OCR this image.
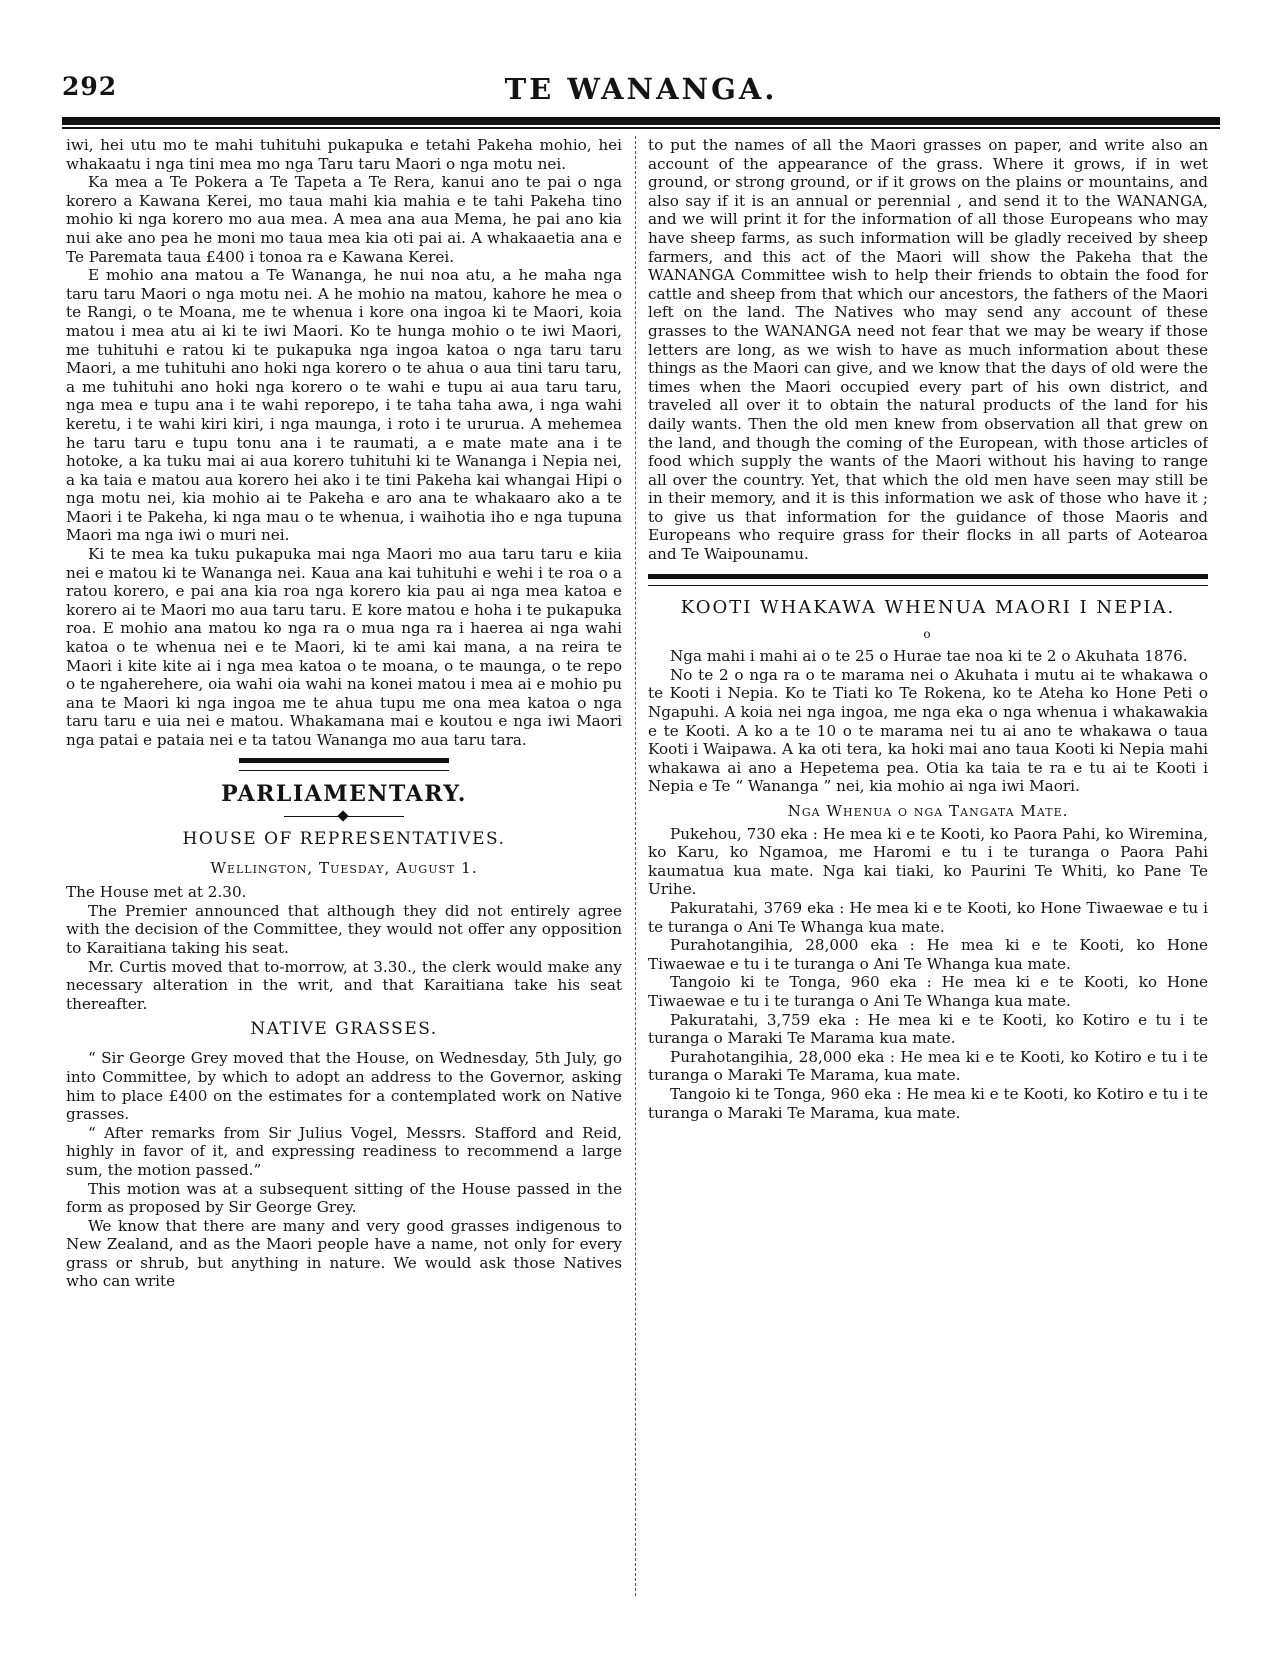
292	TE WANANGA.

iwi, hei utu mo te mahi tuhituhi pukapuka e tetahi Pakeha mohio, hei whakaatu i nga tini mea mo nga Taru taru Maori o nga motu nei.

Ka mea a Te Pokera a Te Tapeta a Te Rera, kanui ano te pai o nga korero a Kawana Kerei, mo taua mahi kia mahia e te tahi Pakeha tino mohio ki nga korero mo aua mea. A mea ana aua Mema, he pai ano kia nui ake ano pea he moni mo taua mea kia oti pai ai. A whakaaetia ana e Te Paremata taua £400 i tonoa ra e Kawana Kerei.

E mohio ana matou a Te Wananga, he nui noa atu, a he maha nga taru taru Maori o nga motu nei. A he mohio na matou, kahore he mea o te Rangi, o te Moana, me te whenua i kore ona ingoa ki te Maori, koia matou i mea atu ai ki te iwi Maori. Ko te hunga mohio o te iwi Maori, me tuhituhi e ratou ki te pukapuka nga ingoa katoa o nga taru taru Maori, a me tuhituhi ano hoki nga korero o te ahua o aua tini taru taru, a me tuhituhi ano hoki nga korero o te wahi e tupu ai aua taru taru, nga mea e tupu ana i te wahi reporepo, i te taha taha awa, i nga wahi keretu, i te wahi kiri kiri, i nga maunga, i roto i te ururua. A mehemea he taru taru e tupu tonu ana i te raumati, a e mate mate ana i te hotoke, a ka tuku mai ai aua korero tuhituhi ki te Wananga i Nepia nei, a ka taia e matou aua korero hei ako i te tini Pakeha kai whangai Hipi o nga motu nei, kia mohio ai te Pakeha e aro ana te whakaaro ako a te Maori i te Pakeha, ki nga mau o te whenua, i waihotia iho e nga tupuna Maori ma nga iwi o muri nei.

Ki te mea ka tuku pukapuka mai nga Maori mo aua taru taru e kiia nei e matou ki te Wananga nei. Kaua ana kai tuhituhi e wehi i te roa o a ratou korero, e pai ana kia roa nga korero kia pau ai nga mea katoa e korero ai te Maori mo aua taru taru. E kore matou e hoha i te pukapuka roa. E mohio ana matou ko nga ra o mua nga ra i haerea ai nga wahi katoa o te whenua nei e te Maori, ki te ami kai mana, a na reira te Maori i kite kite ai i nga mea katoa o te moana, o te maunga, o te repo o te ngaherehere, oia wahi oia wahi na konei matou i mea ai e mohio pu ana te Maori ki nga ingoa me te ahua tupu me ona mea katoa o nga taru taru e uia nei e matou. Whakamana mai e koutou e nga iwi Maori nga patai e pataia nei e ta tatou Wananga mo aua taru tara.

PARLIAMENTARY.
HOUSE OF REPRESENTATIVES.
Wellington, Tuesday, August 1.

The House met at 2.30.

The Premier announced that although they did not entirely agree with the decision of the Committee, they would not offer any opposition to Karaitiana taking his seat.

Mr. Curtis moved that to-morrow, at 3.30., the clerk would make any necessary alteration in the writ, and that Karaitiana take his seat thereafter.

NATIVE GRASSES.

“ Sir George Grey moved that the House, on Wednesday, 5th July, go into Committee, by which to adopt an address to the Governor, asking him to place £400 on the estimates for a contemplated work on Native grasses.

“ After remarks from Sir Julius Vogel, Messrs. Stafford and Reid, highly in favor of it, and expressing readiness to recommend a large sum, the motion passed.”

This motion was at a subsequent sitting of the House passed in the form as proposed by Sir George Grey.

We know that there are many and very good grasses indigenous to New Zealand, and as the Maori people have a name, not only for every grass or shrub, but anything in nature. We would ask those Natives who can write

to put the names of all the Maori grasses on paper, and write also an account of the appearance of the grass. Where it grows, if in wet ground, or strong ground, or if it grows on the plains or mountains, and also say if it is an annual or perennial , and send it to the WANANGA, and we will print it for the information of all those Europeans who may have sheep farms, as such information will be gladly received by sheep farmers, and this act of the Maori will show the Pakeha that the WANANGA Committee wish to help their friends to obtain the food for cattle and sheep from that which our ancestors, the fathers of the Maori left on the land. The Natives who may send any account of these grasses to the WANANGA need not fear that we may be weary if those letters are long, as we wish to have as much information about these things as the Maori can give, and we know that the days of old were the times when the Maori occupied every part of his own district, and traveled all over it to obtain the natural products of the land for his daily wants. Then the old men knew from observation all that grew on the land, and though the coming of the European, with those articles of food which supply the wants of the Maori without his having to range all over the country. Yet, that which the old men have seen may still be in their memory, and it is this information we ask of those who have it ; to give us that information for the guidance of those Maoris and Europeans who require grass for their flocks in all parts of Aotearoa and Te Waipounamu.

KOOTI WHAKAWA WHENUA MAORI I NEPIA.
o

Nga mahi i mahi ai o te 25 o Hurae tae noa ki te 2 o Akuhata 1876.

No te 2 o nga ra o te marama nei o Akuhata i mutu ai te whakawa o te Kooti i Nepia. Ko te Tiati ko Te Rokena, ko te Ateha ko Hone Peti o Ngapuhi. A koia nei nga ingoa, me nga eka o nga whenua i whakawakia e te Kooti. A ko a te 10 o te marama nei tu ai ano te whakawa o taua Kooti i Waipawa. A ka oti tera, ka hoki mai ano taua Kooti ki Nepia mahi whakawa ai ano a Hepetema pea. Otia ka taia te ra e tu ai te Kooti i Nepia e Te “ Wananga ” nei, kia mohio ai nga iwi Maori.

Nga Whenua o nga Tangata Mate.

Pukehou, 730 eka : He mea ki e te Kooti, ko Paora Pahi, ko Wiremina, ko Karu, ko Ngamoa, me Haromi e tu i te turanga o Paora Pahi kaumatua kua mate. Nga kai tiaki, ko Paurini Te Whiti, ko Pane Te Urihe.

Pakuratahi, 3769 eka : He mea ki e te Kooti, ko Hone Tiwaewae e tu i te turanga o Ani Te Whanga kua mate.

Purahotangihia, 28,000 eka : He mea ki e te Kooti, ko Hone Tiwaewae e tu i te turanga o Ani Te Whanga kua mate.

Tangoio ki te Tonga, 960 eka : He mea ki e te Kooti, ko Hone Tiwaewae e tu i te turanga o Ani Te Whanga kua mate.

Pakuratahi, 3,759 eka : He mea ki e te Kooti, ko Kotiro e tu i te turanga o Maraki Te Marama kua mate.

Purahotangihia, 28,000 eka : He mea ki e te Kooti, ko Kotiro e tu i te turanga o Maraki Te Marama, kua mate.

Tangoio ki te Tonga, 960 eka : He mea ki e te Kooti, ko Kotiro e tu i te turanga o Maraki Te Marama, kua mate.
